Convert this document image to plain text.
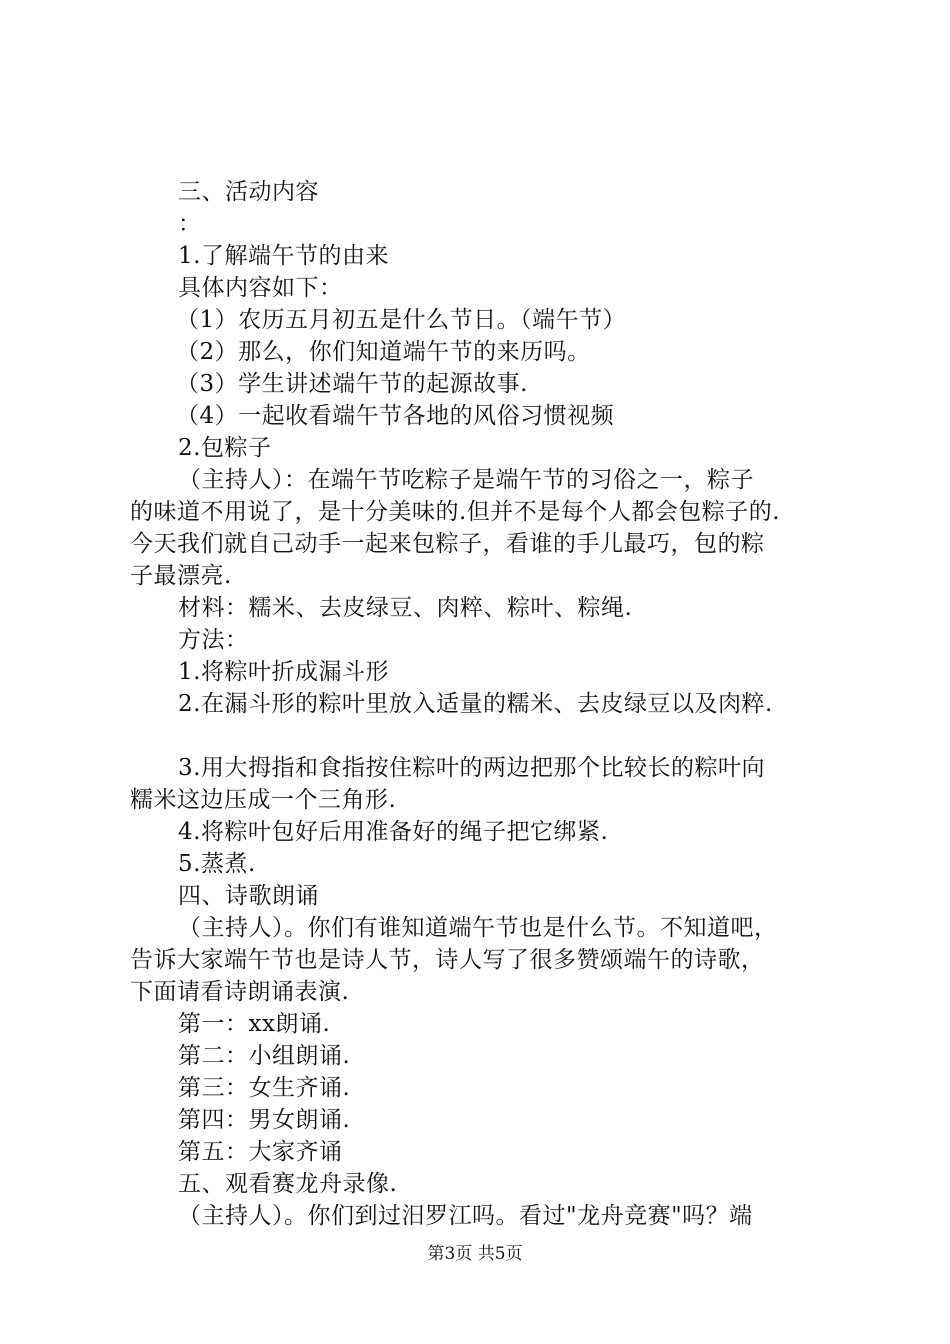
三、活动内容
：
1.了解端午节的由来
具体内容如下：
（1）农历五月初五是什么节日。（端午节）
（2）那么，你们知道端午节的来历吗。
（3）学生讲述端午节的起源故事.
（4）一起收看端午节各地的风俗习惯视频
2.包粽子
（主持人）：在端午节吃粽子是端午节的习俗之一，粽子
的味道不用说了，是十分美味的.但并不是每个人都会包粽子的.
今天我们就自己动手一起来包粽子，看谁的手儿最巧，包的粽
子最漂亮.
材料：糯米、去皮绿豆、肉粹、粽叶、粽绳.
方法：
1.将粽叶折成漏斗形
2.在漏斗形的粽叶里放入适量的糯米、去皮绿豆以及肉粹.
3.用大拇指和食指按住粽叶的两边把那个比较长的粽叶向
糯米这边压成一个三角形.
4.将粽叶包好后用准备好的绳子把它绑紧.
5.蒸煮.
四、诗歌朗诵
（主持人）。你们有谁知道端午节也是什么节。不知道吧，
告诉大家端午节也是诗人节，诗人写了很多赞颂端午的诗歌，
下面请看诗朗诵表演.
第一：xx朗诵.
第二：小组朗诵.
第三：女生齐诵.
第四：男女朗诵.
第五：大家齐诵
五、观看赛龙舟录像.
（主持人）。你们到过汨罗江吗。看过"龙舟竞赛"吗？端
第3页 共5页
